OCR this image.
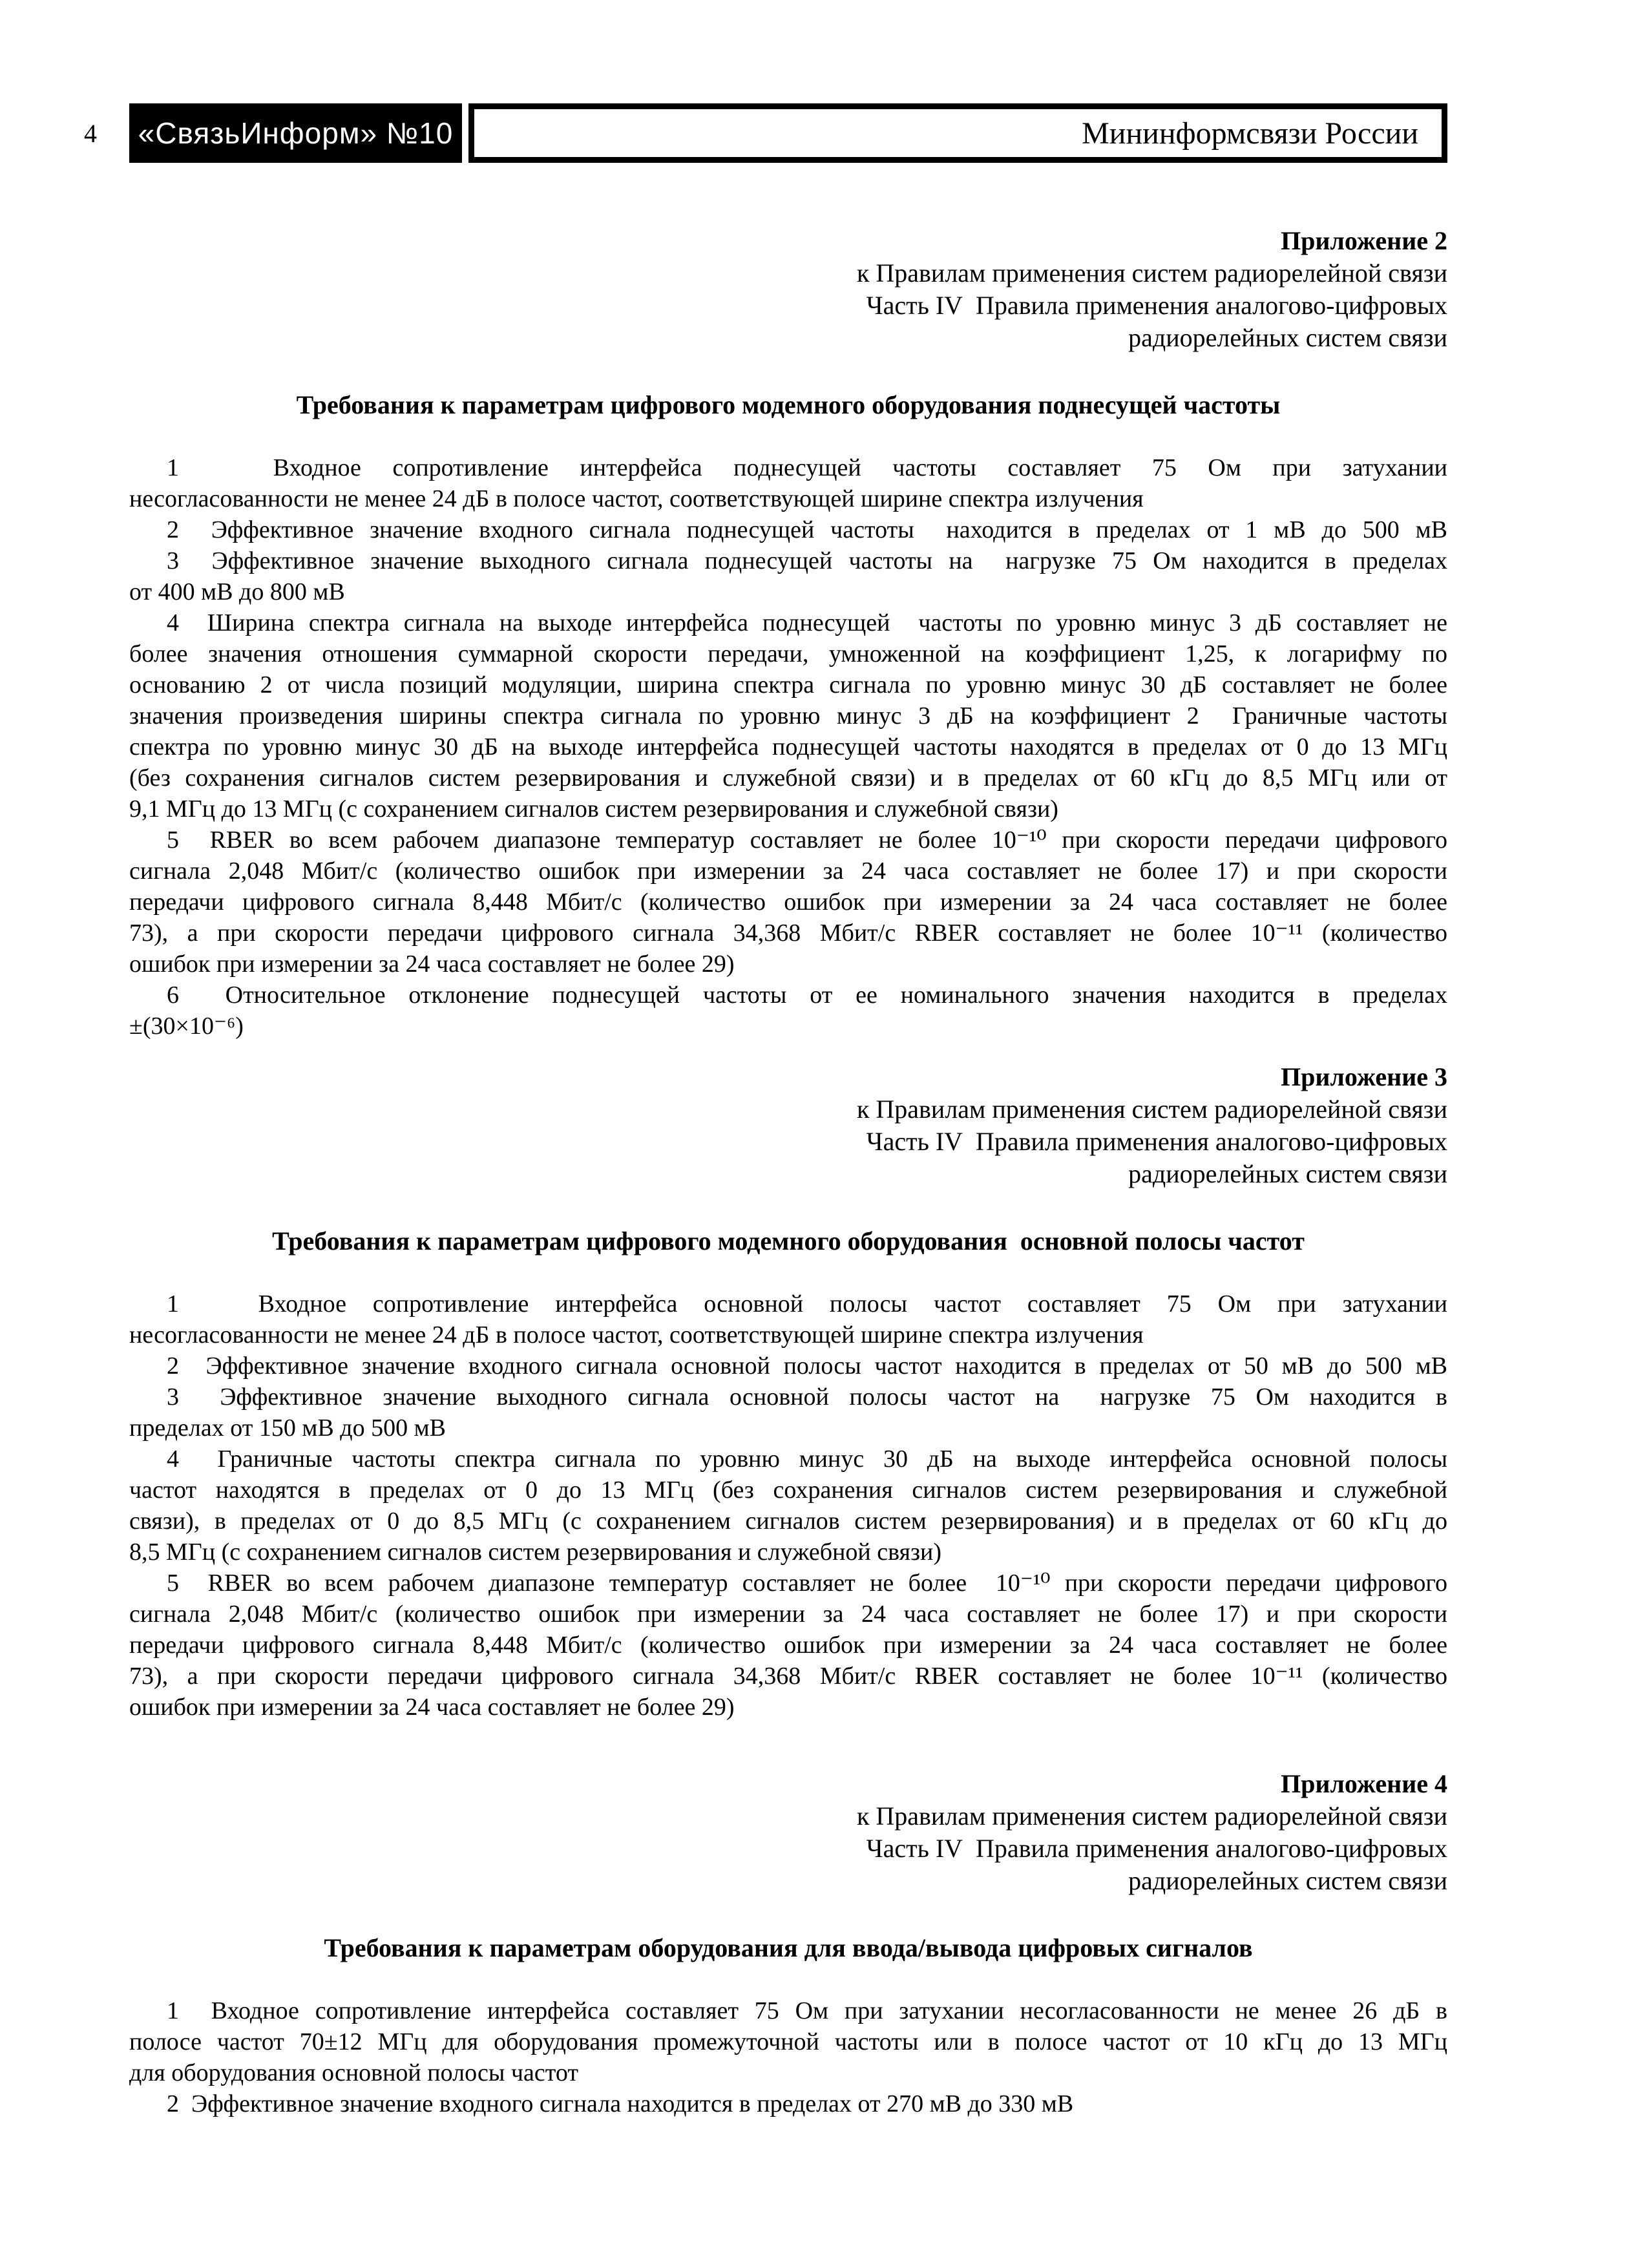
4	«СвязьИнформ» №10	Мининформсвязи России
Приложение 2
к Правилам применения систем радиорелейной связи
Часть IV  Правила применения аналогово-цифровых
радиорелейных систем связи
Требования к параметрам цифрового модемного оборудования поднесущей частоты
1   Входное сопротивление интерфейса поднесущей частоты составляет 75 Ом при затухании
несогласованности не менее 24 дБ в полосе частот, соответствующей ширине спектра излучения
2  Эффективное значение входного сигнала поднесущей частоты  находится в пределах от 1 мВ до 500 мВ
3  Эффективное значение выходного сигнала поднесущей частоты на  нагрузке 75 Ом находится в пределах
от 400 мВ до 800 мВ
4  Ширина спектра сигнала на выходе интерфейса поднесущей  частоты по уровню минус 3 дБ составляет не
более значения отношения суммарной скорости передачи, умноженной на коэффициент 1,25, к логарифму по
основанию 2 от числа позиций модуляции, ширина спектра сигнала по уровню минус 30 дБ составляет не более
значения произведения ширины спектра сигнала по уровню минус 3 дБ на коэффициент 2  Граничные частоты
спектра по уровню минус 30 дБ на выходе интерфейса поднесущей частоты находятся в пределах от 0 до 13 МГц
(без сохранения сигналов систем резервирования и служебной связи) и в пределах от 60 кГц до 8,5 МГц или от
9,1 МГц до 13 МГц (с сохранением сигналов систем резервирования и служебной связи)
5  RBER во всем рабочем диапазоне температур составляет не более 10⁻¹⁰ при скорости передачи цифрового
сигнала 2,048 Мбит/с (количество ошибок при измерении за 24 часа составляет не более 17) и при скорости
передачи цифрового сигнала 8,448 Мбит/с (количество ошибок при измерении за 24 часа составляет не более
73), а при скорости передачи цифрового сигнала 34,368 Мбит/с RBER составляет не более 10⁻¹¹ (количество
ошибок при измерении за 24 часа составляет не более 29)
6  Относительное отклонение поднесущей частоты от ее номинального значения находится в пределах
±(30×10⁻⁶)
Приложение 3
к Правилам применения систем радиорелейной связи
Часть IV  Правила применения аналогово-цифровых
радиорелейных систем связи
Требования к параметрам цифрового модемного оборудования  основной полосы частот
1   Входное сопротивление интерфейса основной полосы частот составляет 75 Ом при затухании
несогласованности не менее 24 дБ в полосе частот, соответствующей ширине спектра излучения
2  Эффективное значение входного сигнала основной полосы частот находится в пределах от 50 мВ до 500 мВ
3  Эффективное значение выходного сигнала основной полосы частот на  нагрузке 75 Ом находится в
пределах от 150 мВ до 500 мВ
4  Граничные частоты спектра сигнала по уровню минус 30 дБ на выходе интерфейса основной полосы
частот находятся в пределах от 0 до 13 МГц (без сохранения сигналов систем резервирования и служебной
связи), в пределах от 0 до 8,5 МГц (с сохранением сигналов систем резервирования) и в пределах от 60 кГц до
8,5 МГц (с сохранением сигналов систем резервирования и служебной связи)
5  RBER во всем рабочем диапазоне температур составляет не более  10⁻¹⁰ при скорости передачи цифрового
сигнала 2,048 Мбит/с (количество ошибок при измерении за 24 часа составляет не более 17) и при скорости
передачи цифрового сигнала 8,448 Мбит/с (количество ошибок при измерении за 24 часа составляет не более
73), а при скорости передачи цифрового сигнала 34,368 Мбит/с RBER составляет не более 10⁻¹¹ (количество
ошибок при измерении за 24 часа составляет не более 29)
Приложение 4
к Правилам применения систем радиорелейной связи
Часть IV  Правила применения аналогово-цифровых
радиорелейных систем связи
Требования к параметрам оборудования для ввода/вывода цифровых сигналов
1  Входное сопротивление интерфейса составляет 75 Ом при затухании несогласованности не менее 26 дБ в
полосе частот 70±12 МГц для оборудования промежуточной частоты или в полосе частот от 10 кГц до 13 МГц
для оборудования основной полосы частот
2  Эффективное значение входного сигнала находится в пределах от 270 мВ до 330 мВ
